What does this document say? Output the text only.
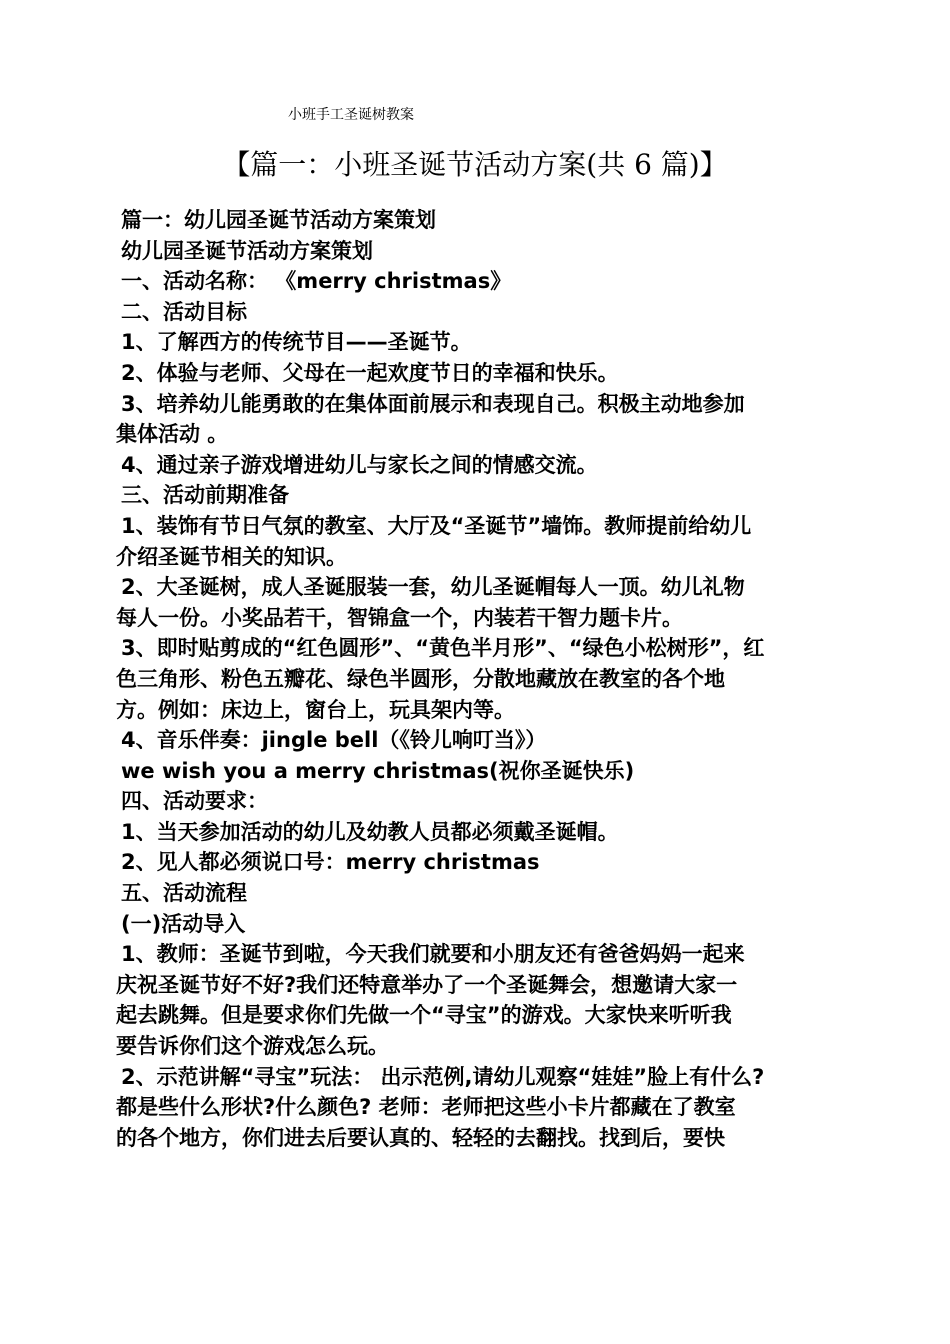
小班手工圣诞树教案
【篇一：小班圣诞节活动方案(共 6 篇)】
篇一：幼儿园圣诞节活动方案策划
幼儿园圣诞节活动方案策划
一、活动名称： 《merry christmas》
二、活动目标
1、了解西方的传统节目——圣诞节。
2、体验与老师、父母在一起欢度节日的幸福和快乐。
3、培养幼儿能勇敢的在集体面前展示和表现自己。积极主动地参加
集体活动 。
4、通过亲子游戏增进幼儿与家长之间的情感交流。
三、活动前期准备
1、装饰有节日气氛的教室、大厅及“圣诞节”墙饰。教师提前给幼儿
介绍圣诞节相关的知识。
2、大圣诞树，成人圣诞服装一套，幼儿圣诞帽每人一顶。幼儿礼物
每人一份。小奖品若干，智锦盒一个，内装若干智力题卡片。
3、即时贴剪成的“红色圆形”、“黄色半月形”、“绿色小松树形”，红
色三角形、粉色五瓣花、绿色半圆形，分散地藏放在教室的各个地
方。例如：床边上，窗台上，玩具架内等。
4、音乐伴奏：jingle bell（《铃儿响叮当》）
we wish you a merry christmas(祝你圣诞快乐)
四、活动要求：
1、当天参加活动的幼儿及幼教人员都必须戴圣诞帽。
2、见人都必须说口号：merry christmas
五、活动流程
(一)活动导入
1、教师：圣诞节到啦，今天我们就要和小朋友还有爸爸妈妈一起来
庆祝圣诞节好不好?我们还特意举办了一个圣诞舞会，想邀请大家一
起去跳舞。但是要求你们先做一个“寻宝”的游戏。大家快来听听我
要告诉你们这个游戏怎么玩。
2、示范讲解“寻宝”玩法： 出示范例,请幼儿观察“娃娃”脸上有什么?
都是些什么形状?什么颜色? 老师：老师把这些小卡片都藏在了教室
的各个地方，你们进去后要认真的、轻轻的去翻找。找到后，要快
